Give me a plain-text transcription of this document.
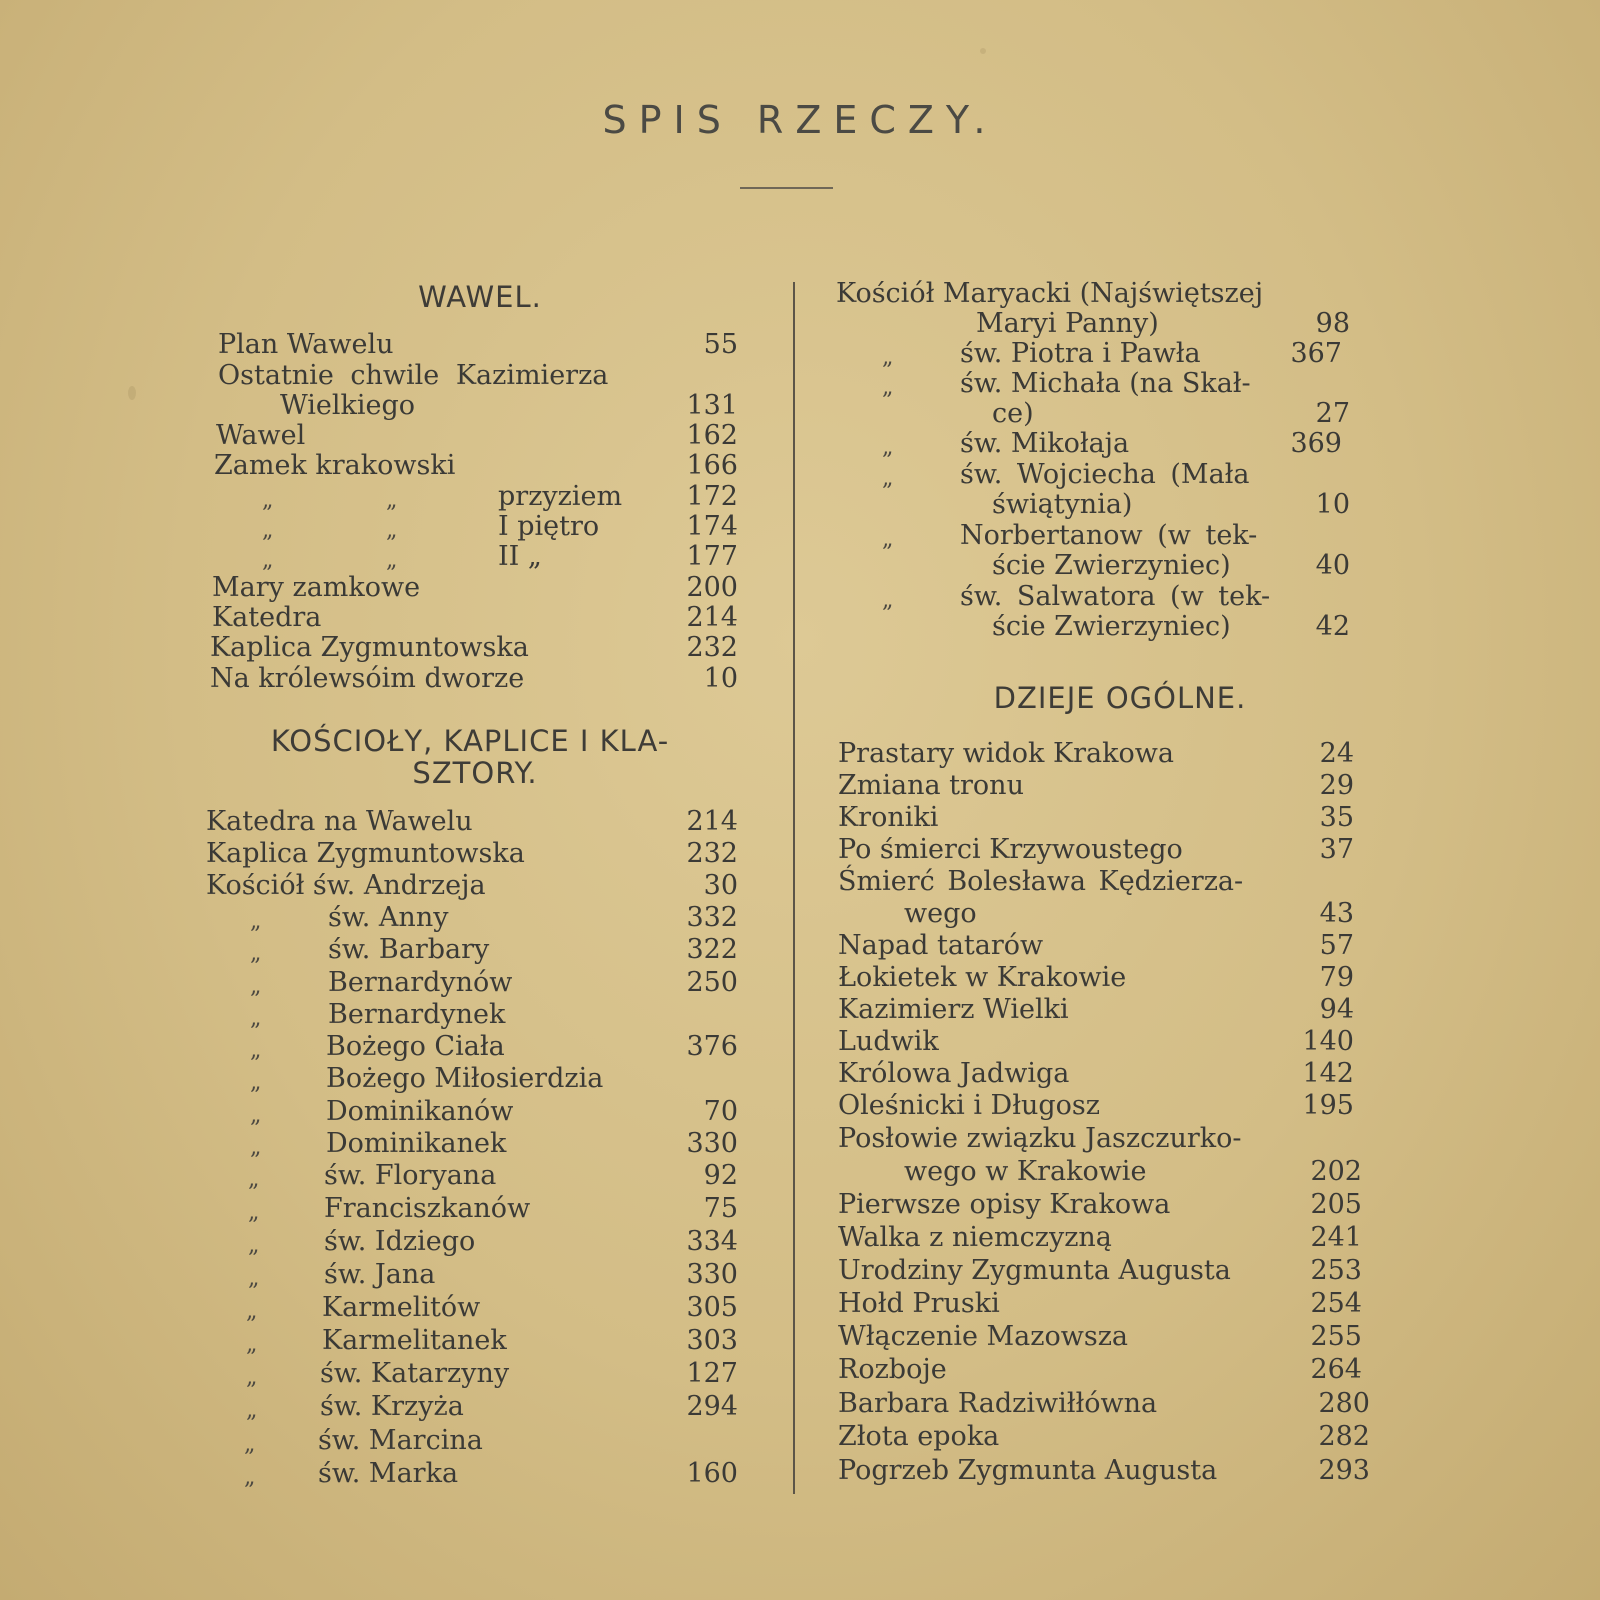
SPIS RZECZY.
WAWEL.
Plan Wawelu	55
Ostatnie chwile Kazimierza
Wielkiego	131
Wawel	162
Zamek krakowski	166
„	„	przyziem	172
„	„	I piętro	174
„	„	II „	177
Mary zamkowe	200
Katedra	214
Kaplica Zygmuntowska	232
Na królewsóim dworze	10
KOŚCIOŁY, KAPLICE I KLA-
SZTORY.
Katedra na Wawelu	214
Kaplica Zygmuntowska	232
Kościół św. Andrzeja	30
„ św. Anny	332
„ św. Barbary	322
„ Bernardynów	250
„ Bernardynek
„ Bożego Ciała	376
„ Bożego Miłosierdzia
„ Dominikanów	70
„ Dominikanek	330
„ św. Floryana	92
„ Franciszkanów	75
„ św. Idziego	334
„ św. Jana	330
„ Karmelitów	305
„ Karmelitanek	303
„ św. Katarzyny	127
„ św. Krzyża	294
„ św. Marcina
„ św. Marka	160
Kościół Maryacki (Najświętszej
Maryi Panny)	98
„ św. Piotra i Pawła	367
„ św. Michała (na Skał-
ce)	27
„ św. Mikołaja	369
„ św. Wojciecha (Mała
świątynia)	10
„ Norbertanow (w tek-
ście Zwierzyniec)	40
„ św. Salwatora (w tek-
ście Zwierzyniec)	42
DZIEJE OGÓLNE.
Prastary widok Krakowa	24
Zmiana tronu	29
Kroniki	35
Po śmierci Krzywoustego	37
Śmierć Bolesława Kędzierza-
wego	43
Napad tatarów	57
Łokietek w Krakowie	79
Kazimierz Wielki	94
Ludwik	140
Królowa Jadwiga	142
Oleśnicki i Długosz	195
Posłowie związku Jaszczurko-
wego w Krakowie	202
Pierwsze opisy Krakowa	205
Walka z niemczyzną	241
Urodziny Zygmunta Augusta	253
Hołd Pruski	254
Włączenie Mazowsza	255
Rozboje	264
Barbara Radziwiłłówna	280
Złota epoka	282
Pogrzeb Zygmunta Augusta	293
